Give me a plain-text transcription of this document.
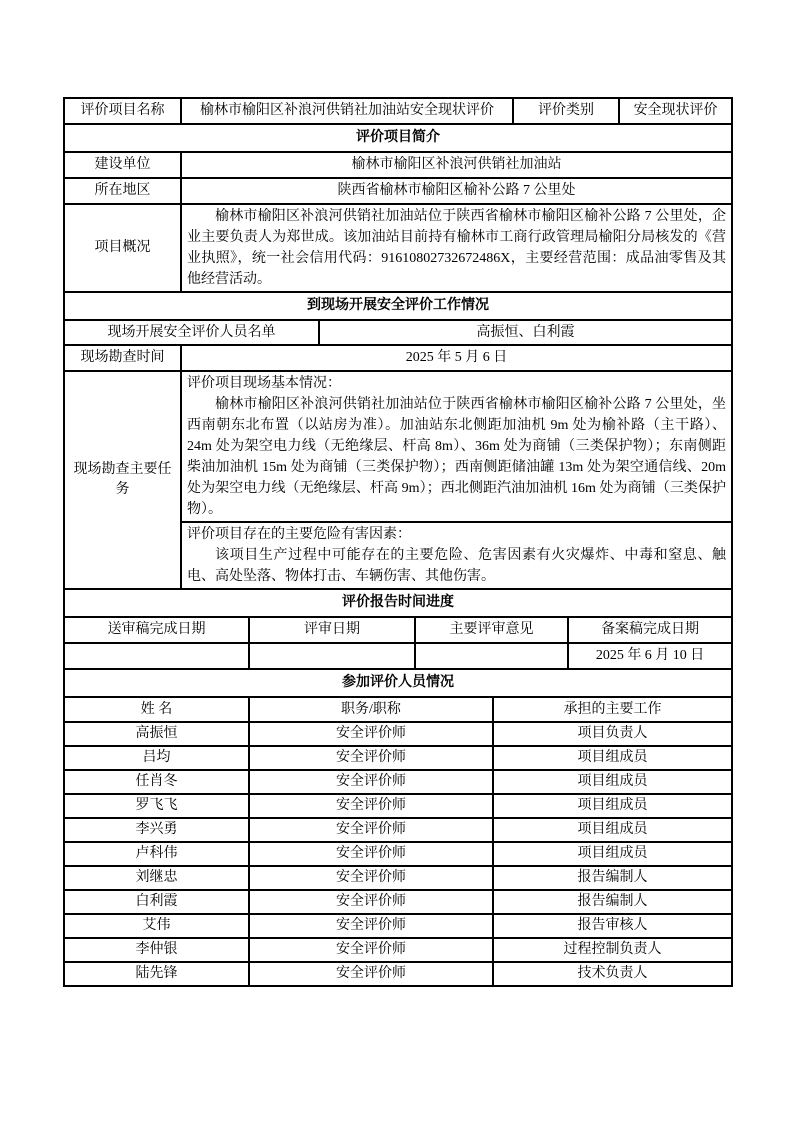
评价项目名称	榆林市榆阳区补浪河供销社加油站安全现状评价					评价类别		安全现状评价
评价项目简介								
建设单位	榆林市榆阳区补浪河供销社加油站							
所在地区	陕西省榆林市榆阳区榆补公路 7 公里处							
项目概况	榆林市榆阳区补浪河供销社加油站位于陕西省榆林市榆阳区榆补公路 7 公里处，企业主要负责人为郑世成。该加油站目前持有榆林市工商行政管理局榆阳分局核发的《营业执照》，统一社会信用代码：91610802732672486X，主要经营范围：成品油零售及其他经营活动。							

到现场开展安全评价工作情况								
现场开展安全评价人员名单			高振恒、白利霞					
现场勘查时间	2025 年 5 月 6 日							
现场勘查主要任务	评价项目现场基本情况：
榆林市榆阳区补浪河供销社加油站位于陕西省榆林市榆阳区榆补公路 7 公里处，坐西南朝东北布置（以站房为准）。加油站东北侧距加油机 9m 处为榆补路（主干路）、24m 处为架空电力线（无绝缘层、杆高 8m）、36m 处为商铺（三类保护物）；东南侧距柴油加油机 15m 处为商铺（三类保护物）；西南侧距储油罐 13m 处为架空通信线、20m 处为架空电力线（无绝缘层、杆高 9m）；西北侧距汽油加油机 16m 处为商铺（三类保护物）。							

	评价项目存在的主要危险有害因素：
该项目生产过程中可能存在的主要危险、危害因素有火灾爆炸、中毒和窒息、触电、高处坠落、物体打击、车辆伤害、其他伤害。							

评价报告时间进度								
送审稿完成日期		评审日期		主要评审意见			备案稿完成日期	
							2025 年 6 月 10 日	
参加评价人员情况								
姓 名		职务/职称			承担的主要工作			
高振恒		安全评价师			项目负责人			
吕均		安全评价师			项目组成员			
任肖冬		安全评价师			项目组成员			
罗飞飞		安全评价师			项目组成员			
李兴勇		安全评价师			项目组成员			
卢科伟		安全评价师			项目组成员			
刘继忠		安全评价师			报告编制人			
白利霞		安全评价师			报告编制人			
艾伟		安全评价师			报告审核人			
李仲银		安全评价师			过程控制负责人			
陆先锋		安全评价师			技术负责人			
